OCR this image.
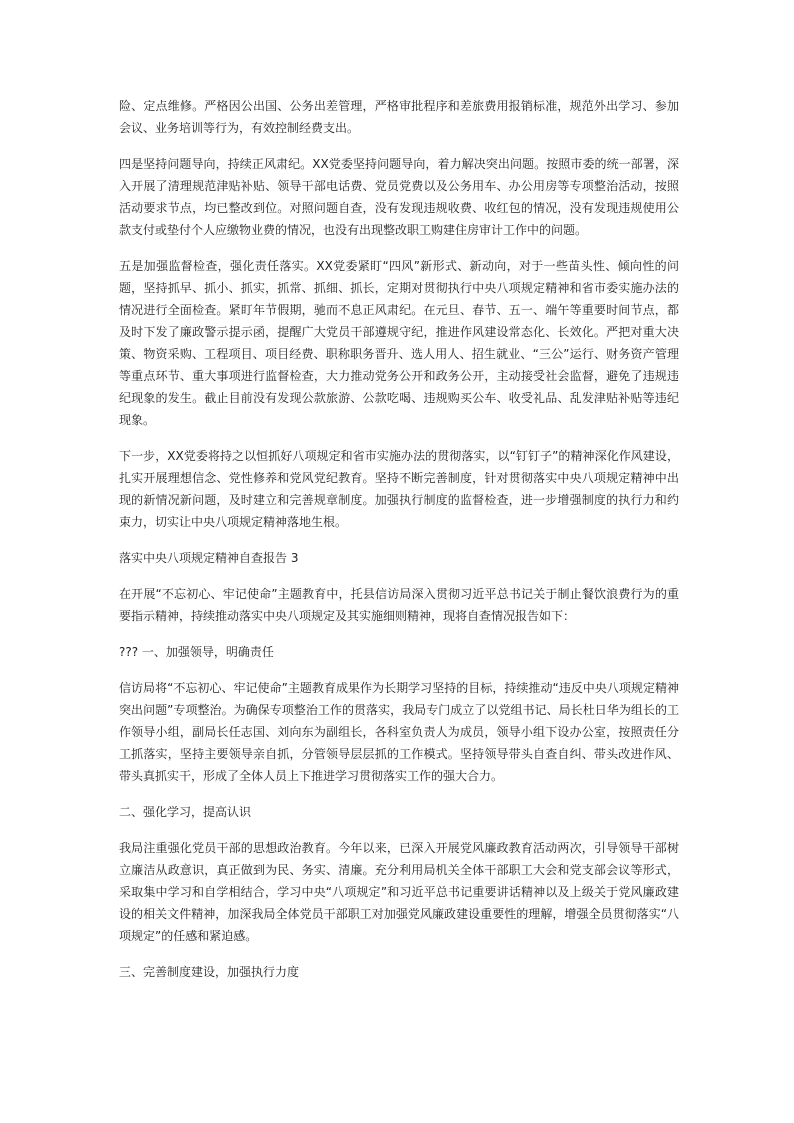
险、定点维修。严格因公出国、公务出差管理，严格审批程序和差旅费用报销标准，规范外出学习、参加会议、业务培训等行为，有效控制经费支出。

四是坚持问题导向，持续正风肃纪。XX党委坚持问题导向，着力解决突出问题。按照市委的统一部署，深入开展了清理规范津贴补贴、领导干部电话费、党员党费以及公务用车、办公用房等专项整治活动，按照活动要求节点，均已整改到位。对照问题自查，没有发现违规收费、收红包的情况，没有发现违规使用公款支付或垫付个人应缴物业费的情况，也没有出现整改职工购建住房审计工作中的问题。

五是加强监督检查，强化责任落实。XX党委紧盯“四风”新形式、新动向，对于一些苗头性、倾向性的问题，坚持抓早、抓小、抓实，抓常、抓细、抓长，定期对贯彻执行中央八项规定精神和省市委实施办法的情况进行全面检查。紧盯年节假期，驰而不息正风肃纪。在元旦、春节、五一、端午等重要时间节点，都及时下发了廉政警示提示函，提醒广大党员干部遵规守纪，推进作风建设常态化、长效化。严把对重大决策、物资采购、工程项目、项目经费、职称职务晋升、选人用人、招生就业、“三公”运行、财务资产管理等重点环节、重大事项进行监督检查，大力推动党务公开和政务公开，主动接受社会监督，避免了违规违纪现象的发生。截止目前没有发现公款旅游、公款吃喝、违规购买公车、收受礼品、乱发津贴补贴等违纪现象。

下一步，XX党委将持之以恒抓好八项规定和省市实施办法的贯彻落实，以“钉钉子”的精神深化作风建设，扎实开展理想信念、党性修养和党风党纪教育。坚持不断完善制度，针对贯彻落实中央八项规定精神中出现的新情况新问题，及时建立和完善规章制度。加强执行制度的监督检查，进一步增强制度的执行力和约束力，切实让中央八项规定精神落地生根。

落实中央八项规定精神自查报告 3

在开展“不忘初心、牢记使命”主题教育中，托县信访局深入贯彻习近平总书记关于制止餐饮浪费行为的重要指示精神，持续推动落实中央八项规定及其实施细则精神，现将自查情况报告如下：

??? 一、加强领导，明确责任

信访局将“不忘初心、牢记使命”主题教育成果作为长期学习坚持的目标，持续推动“违反中央八项规定精神突出问题”专项整治。为确保专项整治工作的贯落实，我局专门成立了以党组书记、局长杜日华为组长的工作领导小组，副局长任志国、刘向东为副组长，各科室负责人为成员，领导小组下设办公室，按照责任分工抓落实，坚持主要领导亲自抓，分管领导层层抓的工作模式。坚持领导带头自查自纠、带头改进作风、带头真抓实干，形成了全体人员上下推进学习贯彻落实工作的强大合力。

二、强化学习，提高认识

我局注重强化党员干部的思想政治教育。今年以来，已深入开展党风廉政教育活动两次，引导领导干部树立廉洁从政意识，真正做到为民、务实、清廉。充分利用局机关全体干部职工大会和党支部会议等形式，采取集中学习和自学相结合，学习中央“八项规定”和习近平总书记重要讲话精神以及上级关于党风廉政建设的相关文件精神，加深我局全体党员干部职工对加强党风廉政建设重要性的理解，增强全员贯彻落实“八项规定”的任感和紧迫感。

三、完善制度建设，加强执行力度
